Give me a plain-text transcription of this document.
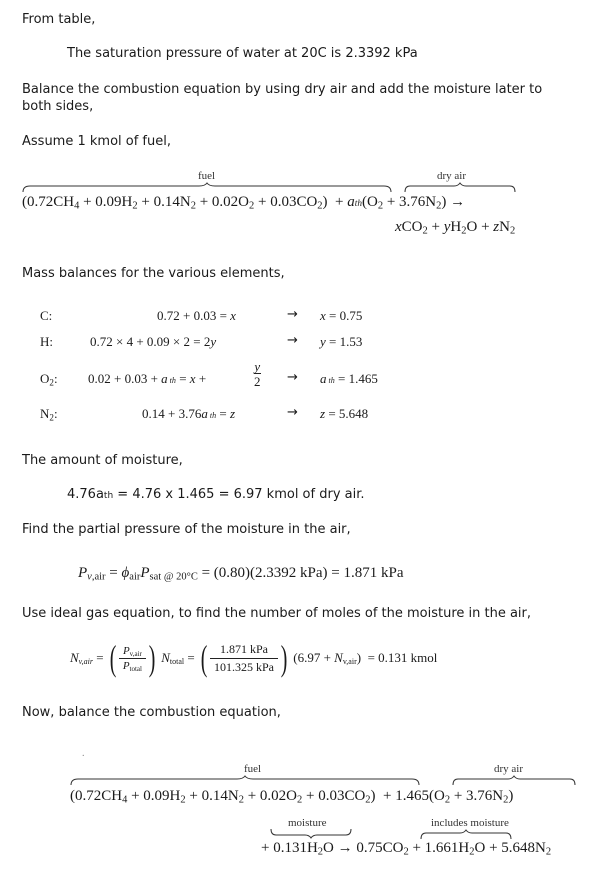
From table,
The saturation pressure of water at 20C is 2.3392 kPa
Balance the combustion equation by using dry air and add the moisture later to both sides,
Assume 1 kmol of fuel,
fuel	dry air
$(0.72CH_4 + 0.09H_2 + 0.14N_2 + 0.02O_2 + 0.03CO_2) + ath(O_2 + 3.76N_2)$ →
$xCO_2 + yH_2O + zN_2$
Mass balances for the various elements,
C:	0.72 + 0.03 = x	→ x = 0.75
H:	0.72 × 4 + 0.09 × 2 = 2y	→ y = 1.53
$O_2$: 0.02 + 0.03 + a th = x +
y
2 → a th = 1.465
$N_2$:	0.14 + 3.76a th = z	→ z = 5.648
The amount of moisture,
4.76ath = 4.76 x 1.465 = 6.97 kmol of dry air.
Find the partial pressure of the moisture in the air,
$P_{v,air} = \phi_{air}P_{sat @ 20^\circ C} = (0.80)(2.3392$ kPa) = 1.871 kPa
Use ideal gas equation, to find the number of moles of the moisture in the air,
$N_{v,air}$ = ( $\frac{P_{v,air}}{P_{total}}$ ) $N_{total}$ = ( $\frac{\text{1.871 kPa}}{\text{101.325 kPa}}$ ) $(6.97 + N_{v,air}) = 0.131$ kmol
Now, balance the combustion equation,
.
fuel	dry air
$(0.72CH_4 + 0.09H_2 + 0.14N_2 + 0.02O_2 + 0.03CO_2) + 1.465(O_2 + 3.76N_2)$
moisture	includes moisture
+ $0.131H_2O \to 0.75CO_2 + 1.661H_2O + 5.648N_2$
